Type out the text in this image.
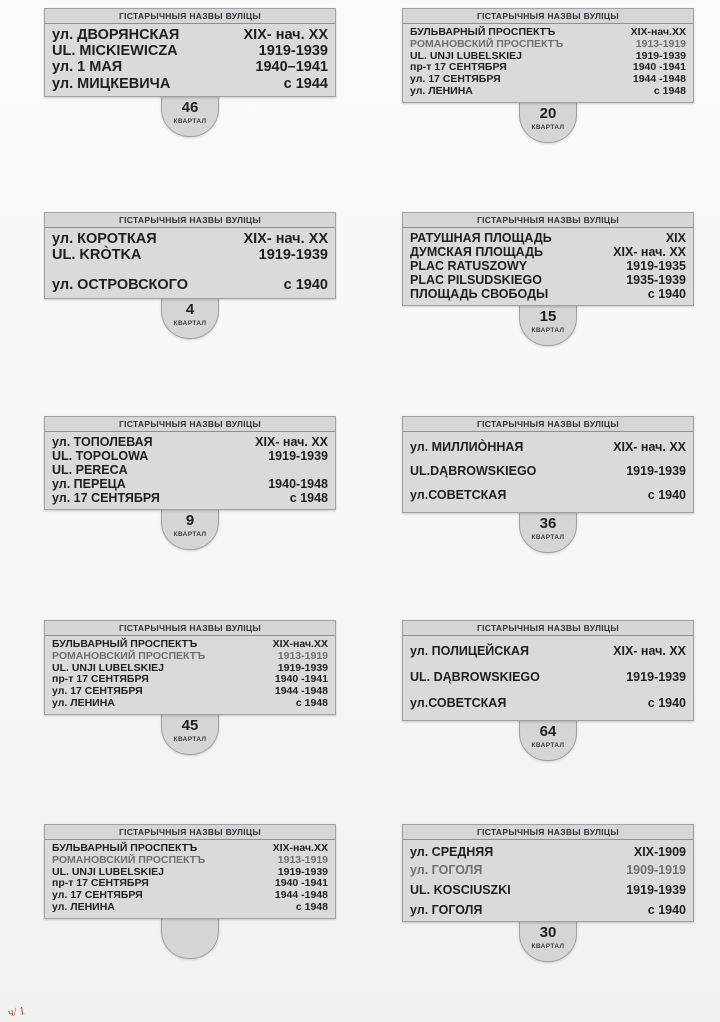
ГІСТАРЫЧНЫЯ НАЗВЫ ВУЛІЦЫ
ул. ДВОРЯНСКАЯ	XIX- нач. XX
UL. MICKIEWICZA	1919-1939
ул. 1 МАЯ	1940–1941
ул. МИЦКЕВИЧА	с 1944
46
КВАРТАЛ
ГІСТАРЫЧНЫЯ НАЗВЫ ВУЛІЦЫ
БУЛЬВАРНЫЙ ПРОСПЕКТЪ	XIX-нач.XX
РОМАНОВСКИЙ ПРОСПЕКТЪ	1913-1919
UL. UNJI LUBELSKIEJ	1919-1939
пр-т 17 СЕНТЯБРЯ	1940 -1941
ул. 17 СЕНТЯБРЯ	1944 -1948
ул. ЛЕНИНА	с 1948
20
КВАРТАЛ
ГІСТАРЫЧНЫЯ НАЗВЫ ВУЛІЦЫ
ул. КОРОТКАЯ	XIX- нач. XX
UL. KRÒTKA	1919-1939
ул. ОСТРОВСКОГО	с 1940
4
КВАРТАЛ
ГІСТАРЫЧНЫЯ НАЗВЫ ВУЛІЦЫ
РАТУШНАЯ ПЛОЩАДЬ	XIX
ДУМСКАЯ ПЛОЩАДЬ	XIX- нач. XX
PLAC RATUSZOWY	1919-1935
PLAC PILSUDSKIEGO	1935-1939
ПЛОЩАДЬ СВОБОДЫ	с 1940
15
КВАРТАЛ
ГІСТАРЫЧНЫЯ НАЗВЫ ВУЛІЦЫ
ул. ТОПОЛЕВАЯ	XIX- нач. XX
UL. TOPOLOWA	1919-1939
UL. PERECA
ул. ПЕРЕЦА	1940-1948
ул. 17 СЕНТЯБРЯ	с 1948
9
КВАРТАЛ
ГІСТАРЫЧНЫЯ НАЗВЫ ВУЛІЦЫ
ул. МИЛЛИÒННАЯ	XIX- нач. XX
UL.DĄBROWSKIEGO	1919-1939
ул.СОВЕТСКАЯ	с 1940
36
КВАРТАЛ
ГІСТАРЫЧНЫЯ НАЗВЫ ВУЛІЦЫ
БУЛЬВАРНЫЙ ПРОСПЕКТЪ	XIX-нач.XX
РОМАНОВСКИЙ ПРОСПЕКТЪ	1913-1919
UL. UNJI LUBELSKIEJ	1919-1939
пр-т 17 СЕНТЯБРЯ	1940 -1941
ул. 17 СЕНТЯБРЯ	1944 -1948
ул. ЛЕНИНА	с 1948
45
КВАРТАЛ
ГІСТАРЫЧНЫЯ НАЗВЫ ВУЛІЦЫ
ул. ПОЛИЦЕЙСКАЯ	XIX- нач. XX
UL. DĄBROWSKIEGO	1919-1939
ул.СОВЕТСКАЯ	с 1940
64
КВАРТАЛ
ГІСТАРЫЧНЫЯ НАЗВЫ ВУЛІЦЫ
БУЛЬВАРНЫЙ ПРОСПЕКТЪ	XIX-нач.XX
РОМАНОВСКИЙ ПРОСПЕКТЪ	1913-1919
UL. UNJI LUBELSKIEJ	1919-1939
пр-т 17 СЕНТЯБРЯ	1940 -1941
ул. 17 СЕНТЯБРЯ	1944 -1948
ул. ЛЕНИНА	с 1948
ГІСТАРЫЧНЫЯ НАЗВЫ ВУЛІЦЫ
ул. СРЕДНЯЯ	XIX-1909
ул. ГОГОЛЯ	1909-1919
UL. KOSCIUSZKI	1919-1939
ул. ГОГОЛЯ	с 1940
30
КВАРТАЛ
ч/ 1
